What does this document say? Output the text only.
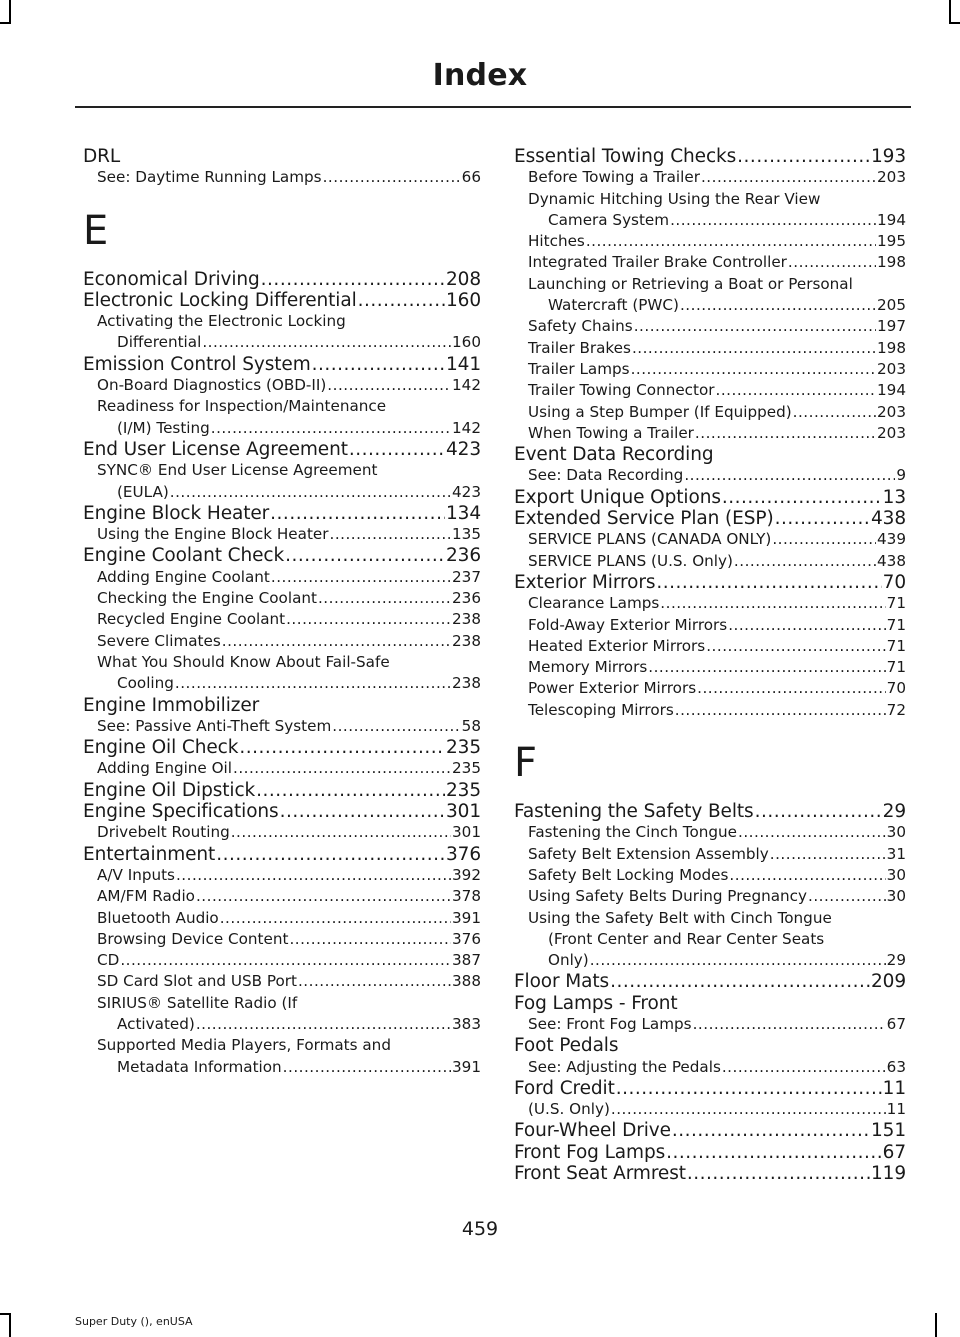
Index
DRL
See: Daytime Running Lamps .....	66
E
Economical Driving .....	208
Electronic Locking Differential .....	160
Activating the Electronic Locking
Differential .....	160
Emission Control System .....	141
On-Board Diagnostics (OBD-II) .....	142
Readiness for Inspection/Maintenance
(I/M) Testing .....	142
End User License Agreement .....	423
SYNC® End User License Agreement
(EULA) .....	423
Engine Block Heater .....	134
Using the Engine Block Heater .....	135
Engine Coolant Check .....	236
Adding Engine Coolant .....	237
Checking the Engine Coolant .....	236
Recycled Engine Coolant .....	238
Severe Climates .....	238
What You Should Know About Fail-Safe
Cooling .....	238
Engine Immobilizer
See: Passive Anti-Theft System .....	58
Engine Oil Check .....	235
Adding Engine Oil .....	235
Engine Oil Dipstick .....	235
Engine Specifications .....	301
Drivebelt Routing .....	301
Entertainment .....	376
A/V Inputs .....	392
AM/FM Radio .....	378
Bluetooth Audio .....	391
Browsing Device Content .....	376
CD .....	387
SD Card Slot and USB Port .....	388
SIRIUS® Satellite Radio (If
Activated) .....	383
Supported Media Players, Formats and
Metadata Information .....	391
Essential Towing Checks .....	193
Before Towing a Trailer .....	203
Dynamic Hitching Using the Rear View
Camera System .....	194
Hitches .....	195
Integrated Trailer Brake Controller .....	198
Launching or Retrieving a Boat or Personal
Watercraft (PWC) .....	205
Safety Chains .....	197
Trailer Brakes .....	198
Trailer Lamps .....	203
Trailer Towing Connector .....	194
Using a Step Bumper (If Equipped) .....	203
When Towing a Trailer .....	203
Event Data Recording
See: Data Recording .....	9
Export Unique Options .....	13
Extended Service Plan (ESP) .....	438
SERVICE PLANS (CANADA ONLY) .....	439
SERVICE PLANS (U.S. Only) .....	438
Exterior Mirrors .....	70
Clearance Lamps .....	71
Fold-Away Exterior Mirrors .....	71
Heated Exterior Mirrors .....	71
Memory Mirrors .....	71
Power Exterior Mirrors .....	70
Telescoping Mirrors .....	72
F
Fastening the Safety Belts .....	29
Fastening the Cinch Tongue .....	30
Safety Belt Extension Assembly .....	31
Safety Belt Locking Modes .....	30
Using Safety Belts During Pregnancy .....	30
Using the Safety Belt with Cinch Tongue
(Front Center and Rear Center Seats
Only) .....	29
Floor Mats .....	209
Fog Lamps - Front
See: Front Fog Lamps .....	67
Foot Pedals
See: Adjusting the Pedals .....	63
Ford Credit .....	11
(U.S. Only) .....	11
Four-Wheel Drive .....	151
Front Fog Lamps .....	67
Front Seat Armrest .....	119
459
Super Duty (), enUSA
